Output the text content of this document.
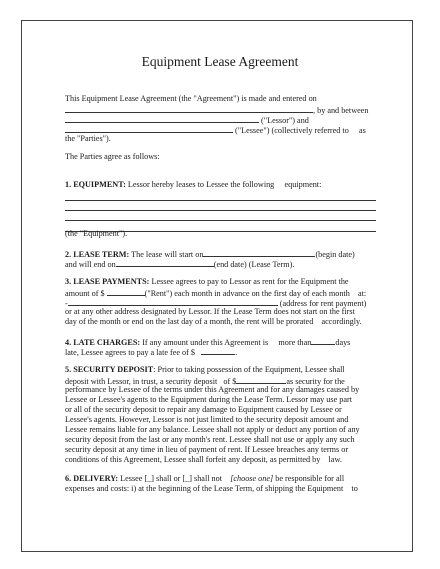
Equipment Lease Agreement
This Equipment Lease Agreement (the "Agreement") is made and entered on
, by and between
("Lessor") and
("Lessee") (collectively referred to as
the "Parties").
The Parties agree as follows:
1. EQUIPMENT: Lessor hereby leases to Lessee the following equipment:
(the "Equipment").
2. LEASE TERM: The lease will start on	(begin date)
and will end on	(end date) (Lease Term).
3. LEASE PAYMENTS: Lessee agrees to pay to Lessor as rent for the Equipment the
amount of $	("Rent") each month in advance on the first day of each month at:
-	(address for rent payment)
or at any other address designated by Lessor. If the Lease Term does not start on the first
day of the month or end on the last day of a month, the rent will be prorated accordingly.
4. LATE CHARGES: If any amount under this Agreement is more than	days
late, Lessee agrees to pay a late fee of $	.
5. SECURITY DEPOSIT: Prior to taking possession of the Equipment, Lessee shall
deposit with Lessor, in trust, a security deposit of $	as security for the
performance by Lessee of the terms under this Agreement and for any damages caused by
Lessee or Lessee's agents to the Equipment during the Lease Term. Lessor may use part
or all of the security deposit to repair any damage to Equipment caused by Lessee or
Lessee's agents. However, Lessor is not just limited to the security deposit amount and
Lessee remains liable for any balance. Lessee shall not apply or deduct any portion of any
security deposit from the last or any month's rent. Lessee shall not use or apply any such
security deposit at any time in lieu of payment of rent. If Lessee breaches any terms or
conditions of this Agreement, Lessee shall forfeit any deposit, as permitted by law.
6. DELIVERY: Lessee [_] shall or [_] shall not [choose one] be responsible for all
expenses and costs: i) at the beginning of the Lease Term, of shipping the Equipment to
